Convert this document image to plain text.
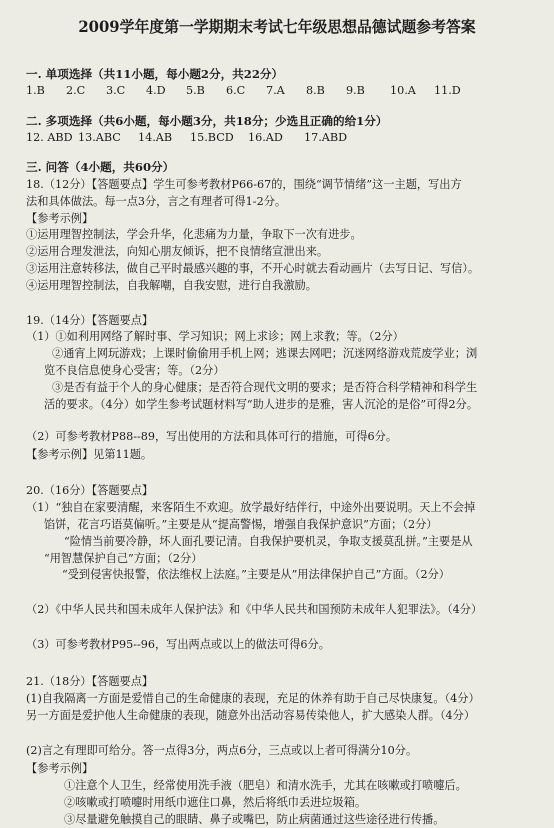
2009学年度第一学期期末考试七年级思想品德试题参考答案
一. 单项选择（共11小题，每小题2分，共22分）
1.B 2.C 3.C 4.D 5.B 6.C 7.A 8.B 9.B 10.A 11.D
二. 多项选择（共6小题，每小题3分，共18分；少选且正确的给1分）
12. ABD 13.ABC 14.AB 15.BCD 16.AD 17.ABD
三. 问答（4小题，共60分）
18.（12分）【答题要点】学生可参考教材P66-67的，围绕“调节情绪”这一主题，写出方
法和具体做法。每一点3分，言之有理者可得1-2分。
【参考示例】
①运用理智控制法，学会升华，化悲痛为力量，争取下一次有进步。
②运用合理发泄法，向知心朋友倾诉，把不良情绪宣泄出来。
③运用注意转移法，做自己平时最感兴趣的事，不开心时就去看动画片（去写日记、写信）。
④运用理智控制法，自我解嘲，自我安慰，进行自我激励。
19.（14分）【答题要点】
（1）①如利用网络了解时事、学习知识；网上求诊；网上求教；等。（2分）
②通宵上网玩游戏；上课时偷偷用手机上网；逃课去网吧；沉迷网络游戏荒废学业；浏
览不良信息使身心受害；等。（2分）
③是否有益于个人的身心健康；是否符合现代文明的要求；是否符合科学精神和科学生
活的要求。（4分）如学生参考试题材料写“助人进步的是雅，害人沉沦的是俗”可得2分。
（2）可参考教材P88--89，写出使用的方法和具体可行的措施，可得6分。
【参考示例】见第11题。
20.（16分）【答题要点】
（1）“独自在家要清醒，来客陌生不欢迎。放学最好结伴行，中途外出要说明。天上不会掉
馅饼，花言巧语莫偏听。”主要是从“提高警惕，增强自我保护意识”方面；（2分）
“险情当前要冷静，坏人面孔要记清。自我保护要机灵，争取支援莫乱拼。”主要是从
“用智慧保护自己”方面；（2分）
“受到侵害快报警，依法维权上法庭。”主要是从”用法律保护自己”方面。（2分）
（2）《中华人民共和国未成年人保护法》和《中华人民共和国预防未成年人犯罪法》。（4分）
（3）可参考教材P95--96，写出两点或以上的做法可得6分。
21.（18分）【答题要点】
(1)自我隔离一方面是爱惜自己的生命健康的表现，充足的休养有助于自己尽快康复。（4分）
另一方面是爱护他人生命健康的表现，随意外出活动容易传染他人，扩大感染人群。（4分）
(2)言之有理即可给分。答一点得3分，两点6分，三点或以上者可得满分10分。
【参考示例】
①注意个人卫生，经常使用洗手液（肥皂）和清水洗手，尤其在咳嗽或打喷嚏后。
②咳嗽或打喷嚏时用纸巾遮住口鼻，然后将纸巾丢进垃圾箱。
③尽量避免触摸自己的眼睛、鼻子或嘴巴，防止病菌通过这些途径进行传播。
